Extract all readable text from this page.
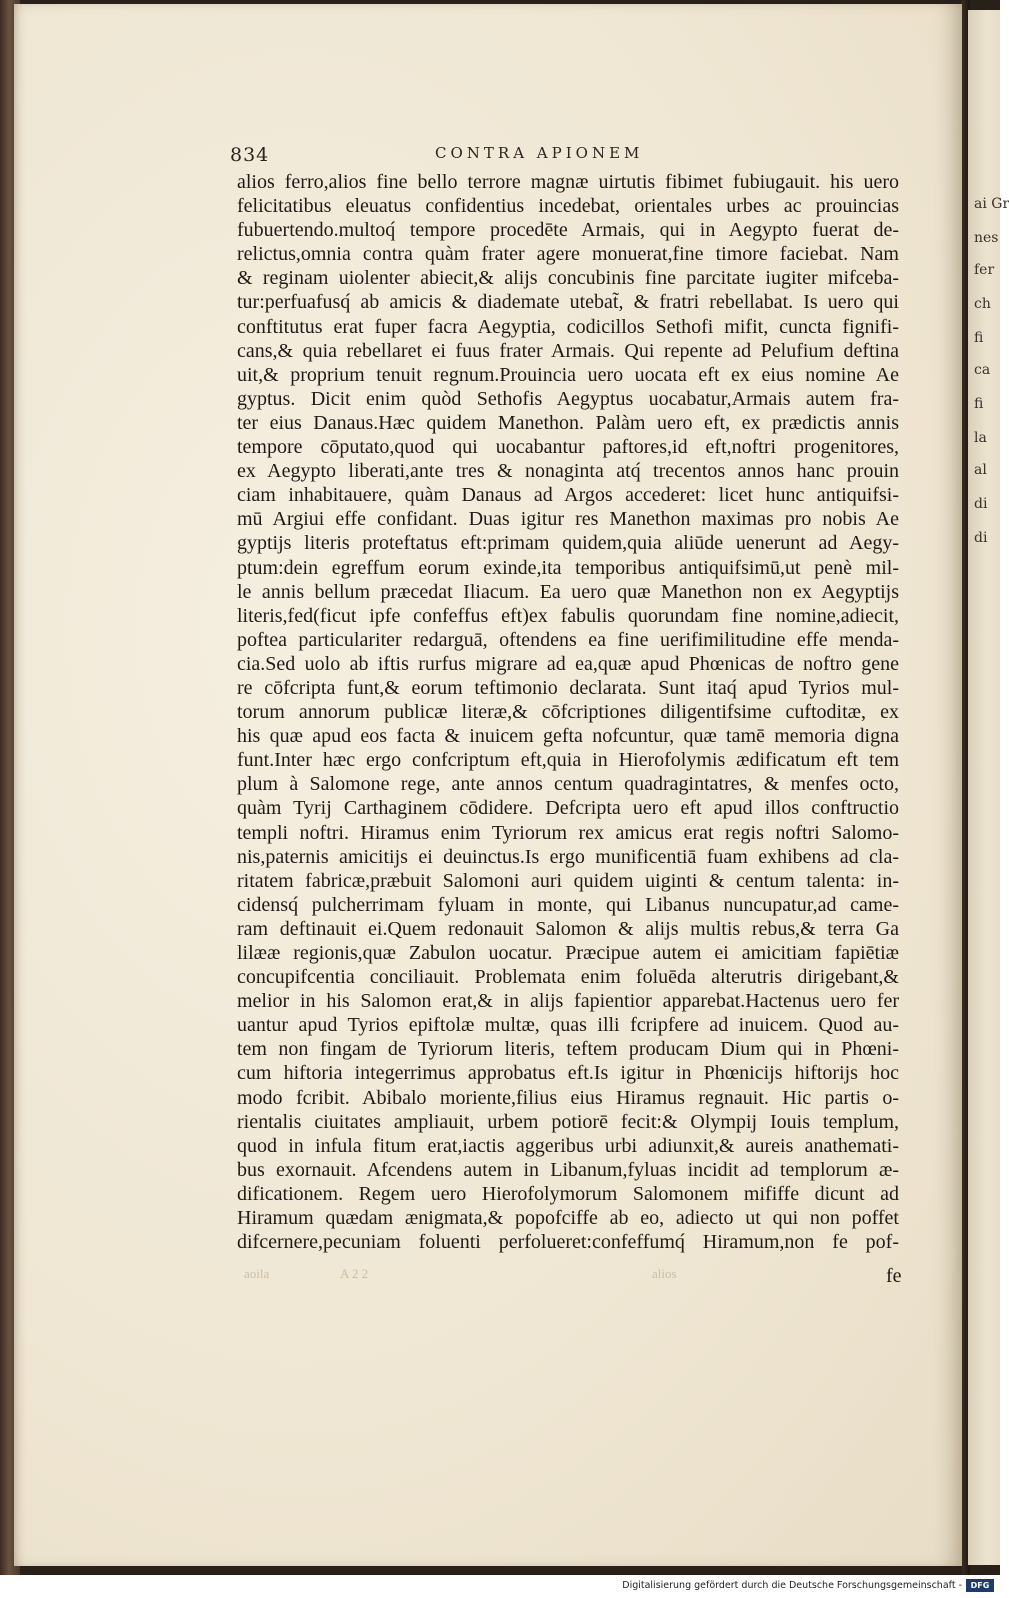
ai Gr
nes
fer
ch
fi
ca
fi
la
al
di
di
834	CONTRA APIONEM
alios ferro,alios fine bello terrore magnæ uirtutis fibimet fubiugauit. his uero
felicitatibus eleuatus confidentius incedebat, orientales urbes ac prouincias
fubuertendo.multoq́ tempore procedēte Armais, qui in Aegypto fuerat de-
relictus,omnia contra quàm frater agere monuerat,fine timore faciebat. Nam
& reginam uiolenter abiecit,& alijs concubinis fine parcitate iugiter mifceba-
tur:perfuafusq́ ab amicis & diademate utebat̃, & fratri rebellabat. Is uero qui
conftitutus erat fuper facra Aegyptia, codicillos Sethofi mifit, cuncta fignifi-
cans,& quia rebellaret ei fuus frater Armais. Qui repente ad Pelufium deftina
uit,& proprium tenuit regnum.Prouincia uero uocata eft ex eius nomine Ae
gyptus. Dicit enim quòd Sethofis Aegyptus uocabatur,Armais autem fra-
ter eius Danaus.Hæc quidem Manethon. Palàm uero eft, ex prædictis annis
tempore cōputato,quod qui uocabantur paftores,id eft,noftri progenitores,
ex Aegypto liberati,ante tres & nonaginta atq́ trecentos annos hanc prouin
ciam inhabitauere, quàm Danaus ad Argos accederet: licet hunc antiquifsi-
mū Argiui effe confidant. Duas igitur res Manethon maximas pro nobis Ae
gyptijs literis proteftatus eft:primam quidem,quia aliūde uenerunt ad Aegy-
ptum:dein egreffum eorum exinde,ita temporibus antiquifsimū,ut penè mil-
le annis bellum præcedat Iliacum. Ea uero quæ Manethon non ex Aegyptijs
literis,fed(ficut ipfe confeffus eft)ex fabulis quorundam fine nomine,adiecit,
poftea particulariter redarguā, oftendens ea fine uerifimilitudine effe menda-
cia.Sed uolo ab iftis rurfus migrare ad ea,quæ apud Phœnicas de noftro gene
re cōfcripta funt,& eorum teftimonio declarata. Sunt itaq́ apud Tyrios mul-
torum annorum publicæ literæ,& cōfcriptiones diligentifsime cuftoditæ, ex
his quæ apud eos facta & inuicem gefta nofcuntur, quæ tamē memoria digna
funt.Inter hæc ergo confcriptum eft,quia in Hierofolymis ædificatum eft tem
plum à Salomone rege, ante annos centum quadragintatres, & menfes octo,
quàm Tyrij Carthaginem cōdidere. Defcripta uero eft apud illos conftructio
templi noftri. Hiramus enim Tyriorum rex amicus erat regis noftri Salomo-
nis,paternis amicitijs ei deuinctus.Is ergo munificentiā fuam exhibens ad cla-
ritatem fabricæ,præbuit Salomoni auri quidem uiginti & centum talenta: in-
cidensq́ pulcherrimam fyluam in monte, qui Libanus nuncupatur,ad came-
ram deftinauit ei.Quem redonauit Salomon & alijs multis rebus,& terra Ga
lilææ regionis,quæ Zabulon uocatur. Præcipue autem ei amicitiam fapiētiæ
concupifcentia conciliauit. Problemata enim foluēda alterutris dirigebant,&
melior in his Salomon erat,& in alijs fapientior apparebat.Hactenus uero fer
uantur apud Tyrios epiftolæ multæ, quas illi fcripfere ad inuicem. Quod au-
tem non fingam de Tyriorum literis, teftem producam Dium qui in Phœni-
cum hiftoria integerrimus approbatus eft.Is igitur in Phœnicijs hiftorijs hoc
modo fcribit. Abibalo moriente,filius eius Hiramus regnauit. Hic partis o-
rientalis ciuitates ampliauit, urbem potiorē fecit:& Olympij Iouis templum,
quod in infula fitum erat,iactis aggeribus urbi adiunxit,& aureis anathemati-
bus exornauit. Afcendens autem in Libanum,fyluas incidit ad templorum æ-
dificationem. Regem uero Hierofolymorum Salomonem mififfe dicunt ad
Hiramum quædam ænigmata,& popofciffe ab eo, adiecto ut qui non poffet
difcernere,pecuniam foluenti perfolueret:confeffumq́ Hiramum,non fe pof-
aoila	A 2 2	alios	fe
Digitalisierung gefördert durch die Deutsche Forschungsgemeinschaft -	DFG
